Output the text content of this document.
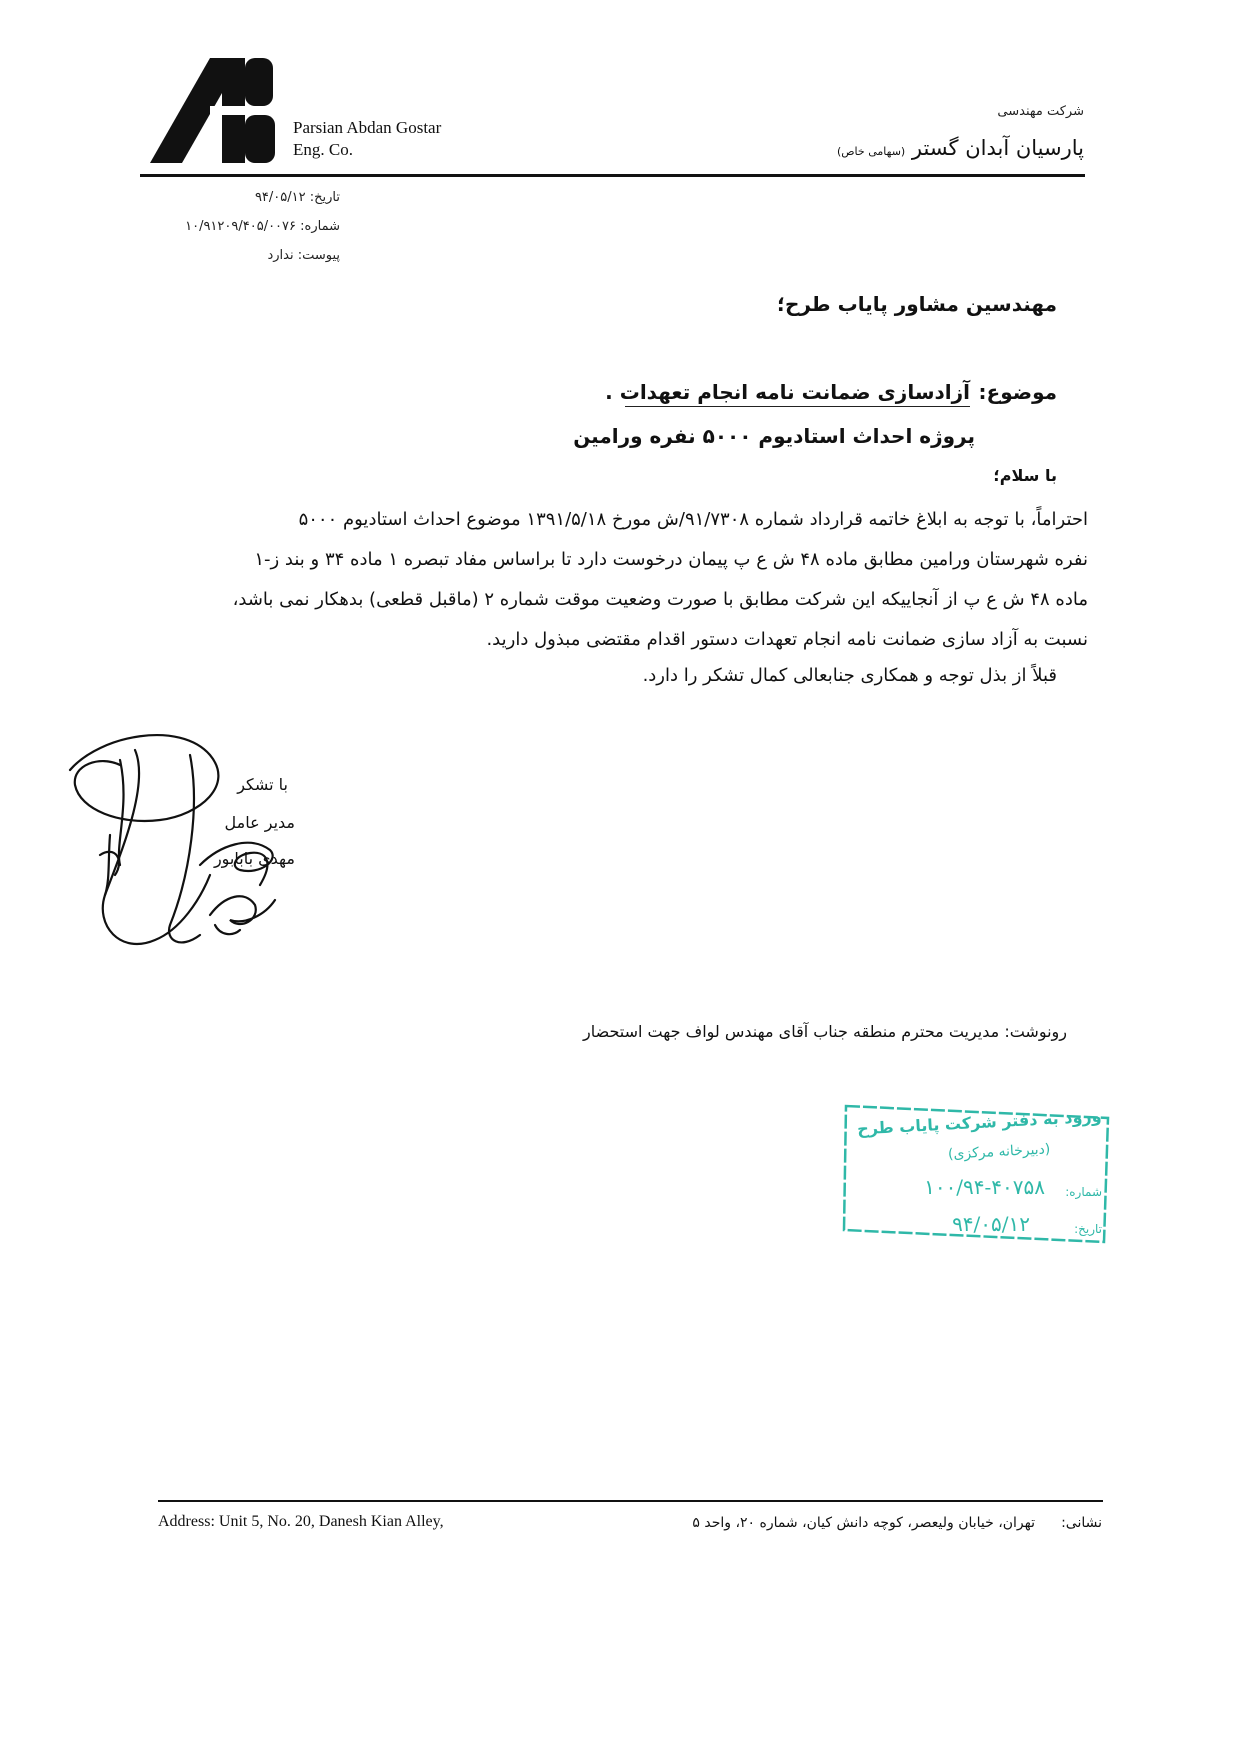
Parsian Abdan Gostar
Eng. Co.
شرکت مهندسی
پارسیان آبدان گستر (سهامی خاص)
تاریخ: ۹۴/۰۵/۱۲
شماره: ۱۰/۹۱۲۰۹/۴۰۵/۰۰۷۶
پیوست: ندارد
مهندسین مشاور پایاب طرح؛
موضوع:
آزادسازی ضمانت نامه انجام تعهدات .
پروژه احداث استادیوم ۵۰۰۰ نفره ورامین
با سلام؛

احتراماً، با توجه به ابلاغ خاتمه قرارداد شماره ۹۱/۷۳۰۸/ش مورخ ۱۳۹۱/۵/۱۸ موضوع احداث استادیوم ۵۰۰۰

نفره شهرستان ورامین مطابق ماده ۴۸ ش ع پ پیمان درخوست دارد تا براساس مفاد تبصره ۱ ماده ۳۴ و بند ز-۱

ماده ۴۸ ش ع پ از آنجاییکه این شرکت مطابق با صورت وضعیت موقت شماره ۲ (ماقبل قطعی) بدهکار نمی باشد،

نسبت به آزاد سازی ضمانت نامه انجام تعهدات دستور اقدام مقتضی مبذول دارید.

قبلاً از بذل توجه و همکاری جنابعالی کمال تشکر را دارد.
با تشکر
مدیر عامل
مهدی بابابور
رونوشت: مدیریت محترم منطقه جناب آقای مهندس لواف جهت استحضار
ورود به دفتر شرکت پایاب طرح
(دبیرخانه مرکزی)
شماره:
۱۰۰/۹۴-۴۰۷۵۸
تاریخ:
۹۴/۰۵/۱۲
Address: Unit 5, No. 20, Danesh Kian Alley,	نشانی:
تهران، خیابان ولیعصر، کوچه دانش کیان، شماره ۲۰، واحد ۵
